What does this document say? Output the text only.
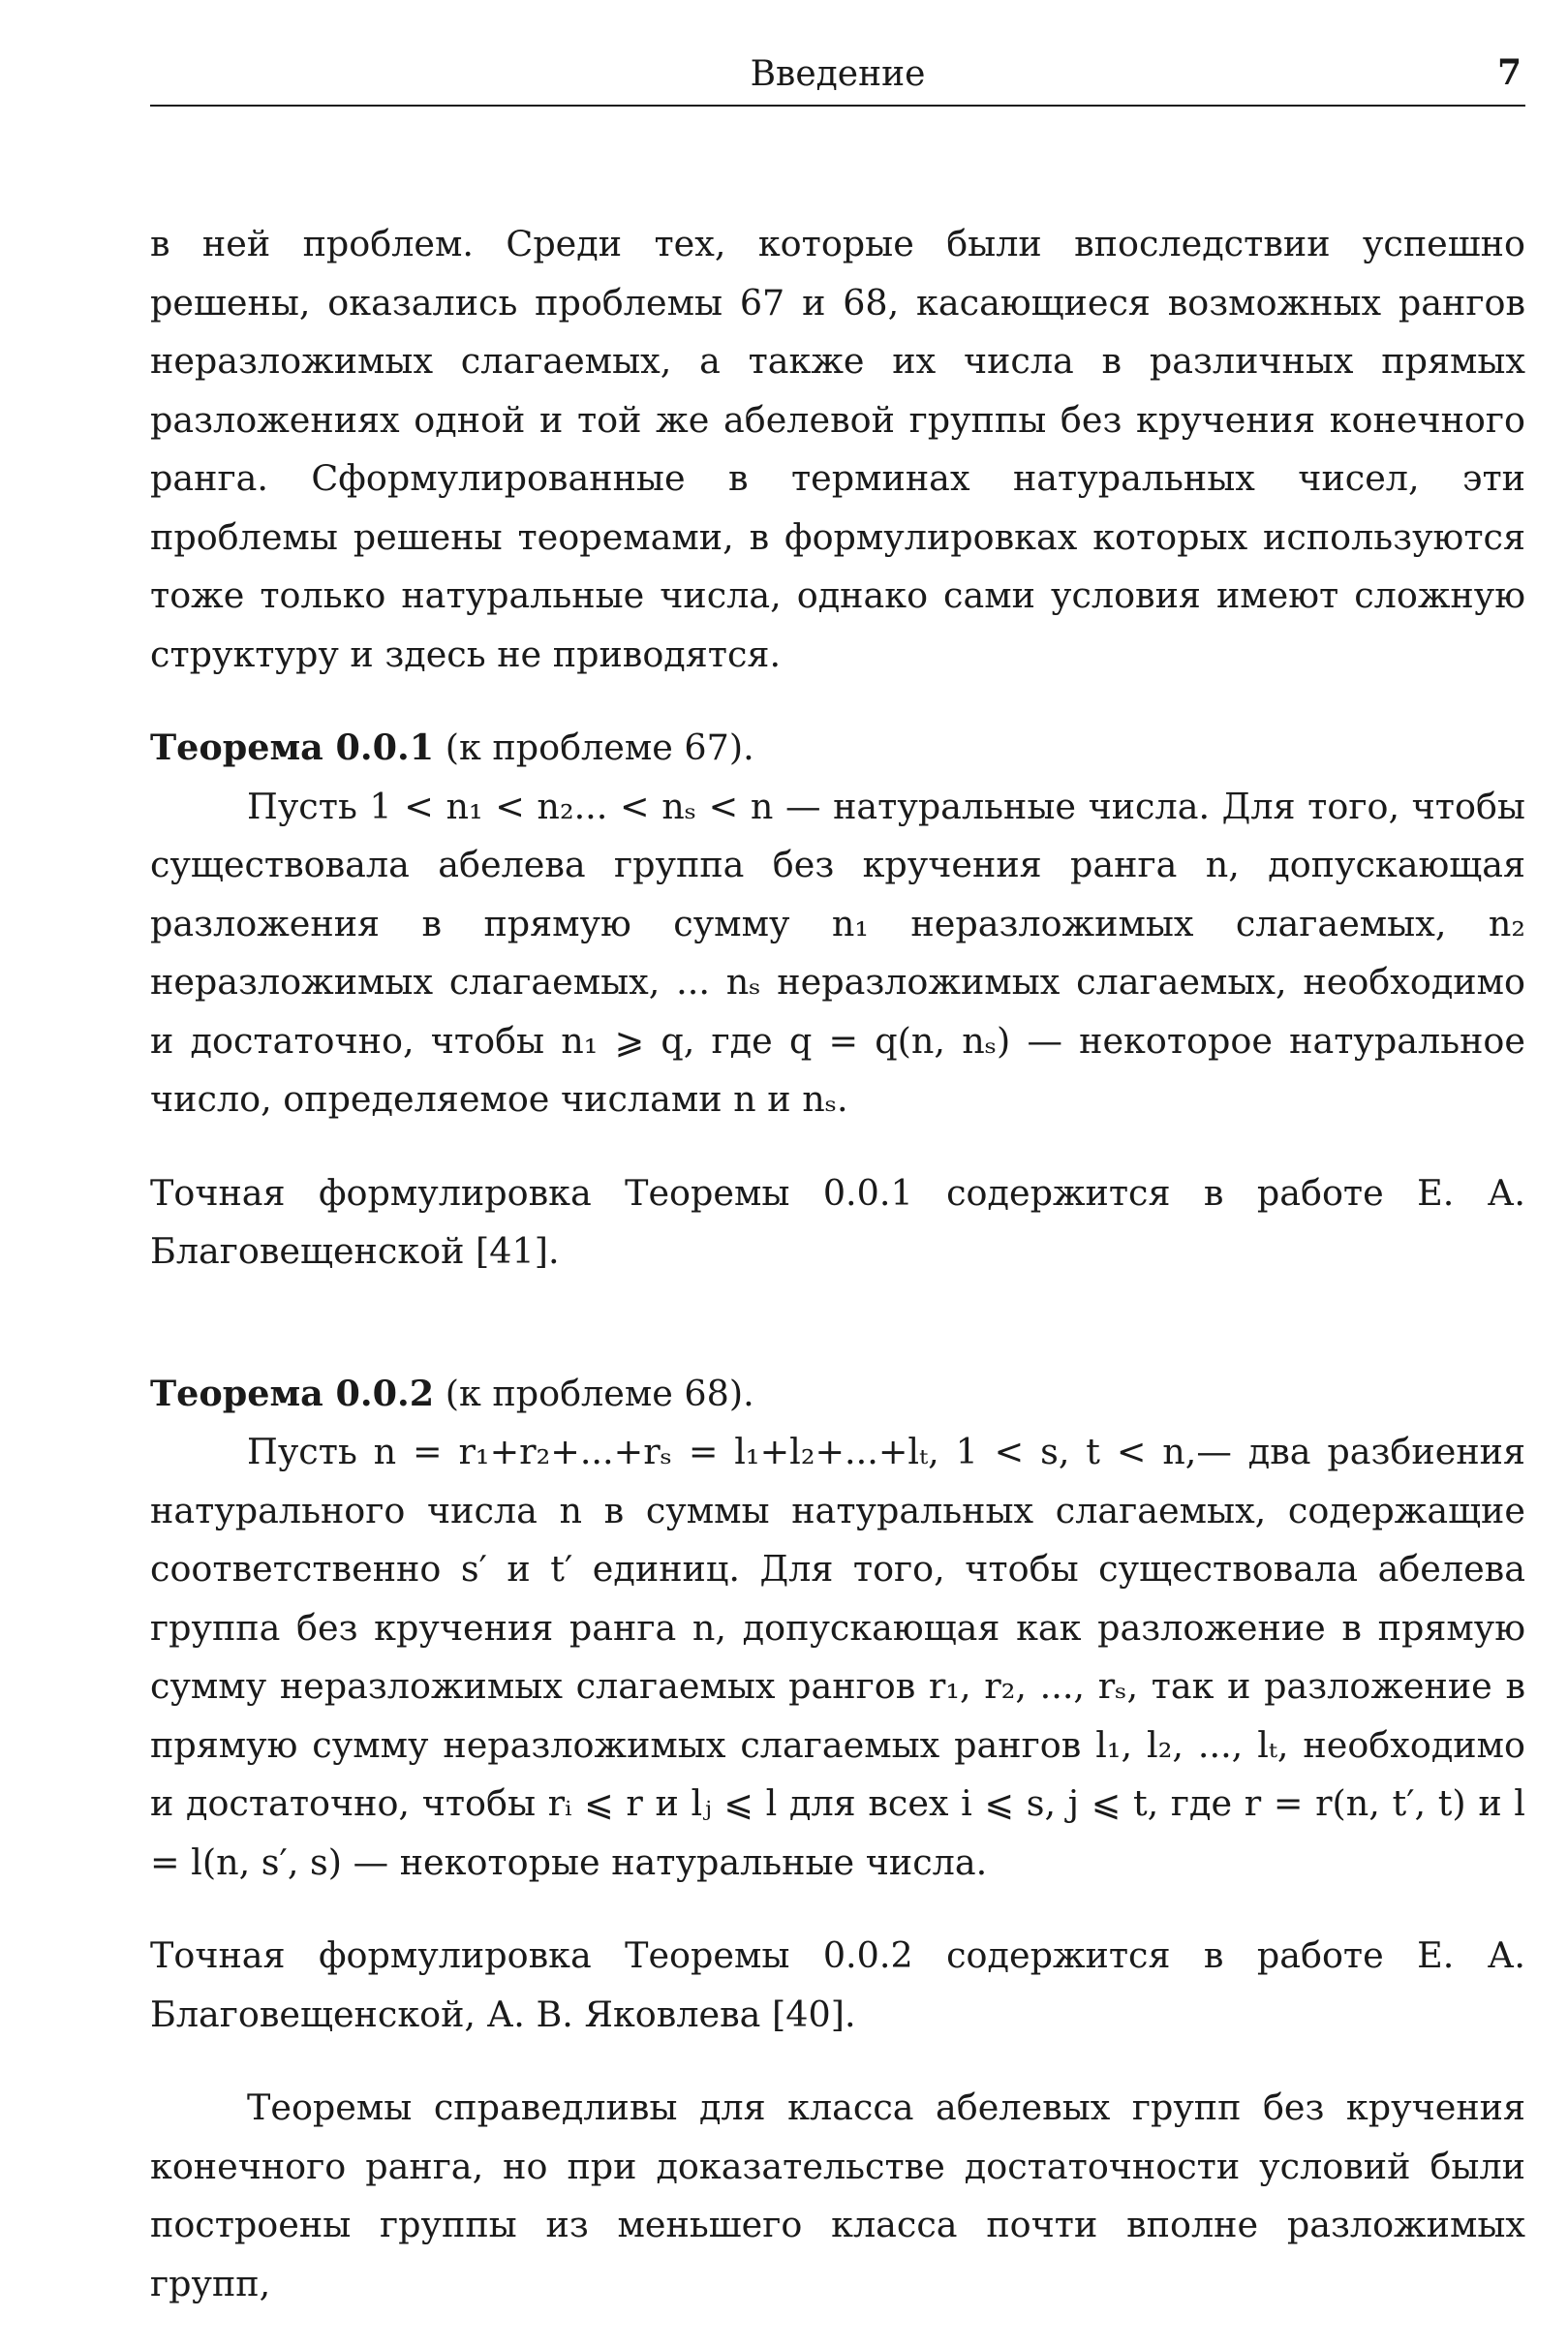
Введение	7

в ней проблем. Среди тех, которые были впоследствии успешно решены, оказались проблемы 67 и 68, касающиеся возможных рангов неразложимых слагаемых, а также их числа в различных прямых разложениях одной и той же абелевой группы без кручения конечного ранга. Сформулированные в терминах натуральных чисел, эти проблемы решены теоремами, в формулировках которых используются тоже только натуральные числа, однако сами условия имеют сложную структуру и здесь не приводятся.

Теорема 0.0.1 (к проблеме 67).

Пусть 1 < n₁ < n₂... < nₛ < n — натуральные числа. Для того, чтобы существовала абелева группа без кручения ранга n, допускающая разложения в прямую сумму n₁ неразложимых слагаемых, n₂ неразложимых слагаемых, ... nₛ неразложимых слагаемых, необходимо и достаточно, чтобы n₁ ⩾ q, где q = q(n, nₛ) — некоторое натуральное число, определяемое числами n и nₛ.

Точная формулировка Теоремы 0.0.1 содержится в работе Е. А. Благовещенской [41].

Теорема 0.0.2 (к проблеме 68).

Пусть n = r₁+r₂+...+rₛ = l₁+l₂+...+lₜ, 1 < s, t < n,— два разбиения натурального числа n в суммы натуральных слагаемых, содержащие соответственно s′ и t′ единиц. Для того, чтобы существовала абелева группа без кручения ранга n, допускающая как разложение в прямую сумму неразложимых слагаемых рангов r₁, r₂, ..., rₛ, так и разложение в прямую сумму неразложимых слагаемых рангов l₁, l₂, ..., lₜ, необходимо и достаточно, чтобы rᵢ ⩽ r и lⱼ ⩽ l для всех i ⩽ s, j ⩽ t, где r = r(n, t′, t) и l = l(n, s′, s) — некоторые натуральные числа.

Точная формулировка Теоремы 0.0.2 содержится в работе Е. А. Благовещенской, А. В. Яковлева [40].

Теоремы справедливы для класса абелевых групп без кручения конечного ранга, но при доказательстве достаточности условий были построены группы из меньшего класса почти вполне разложимых групп,
